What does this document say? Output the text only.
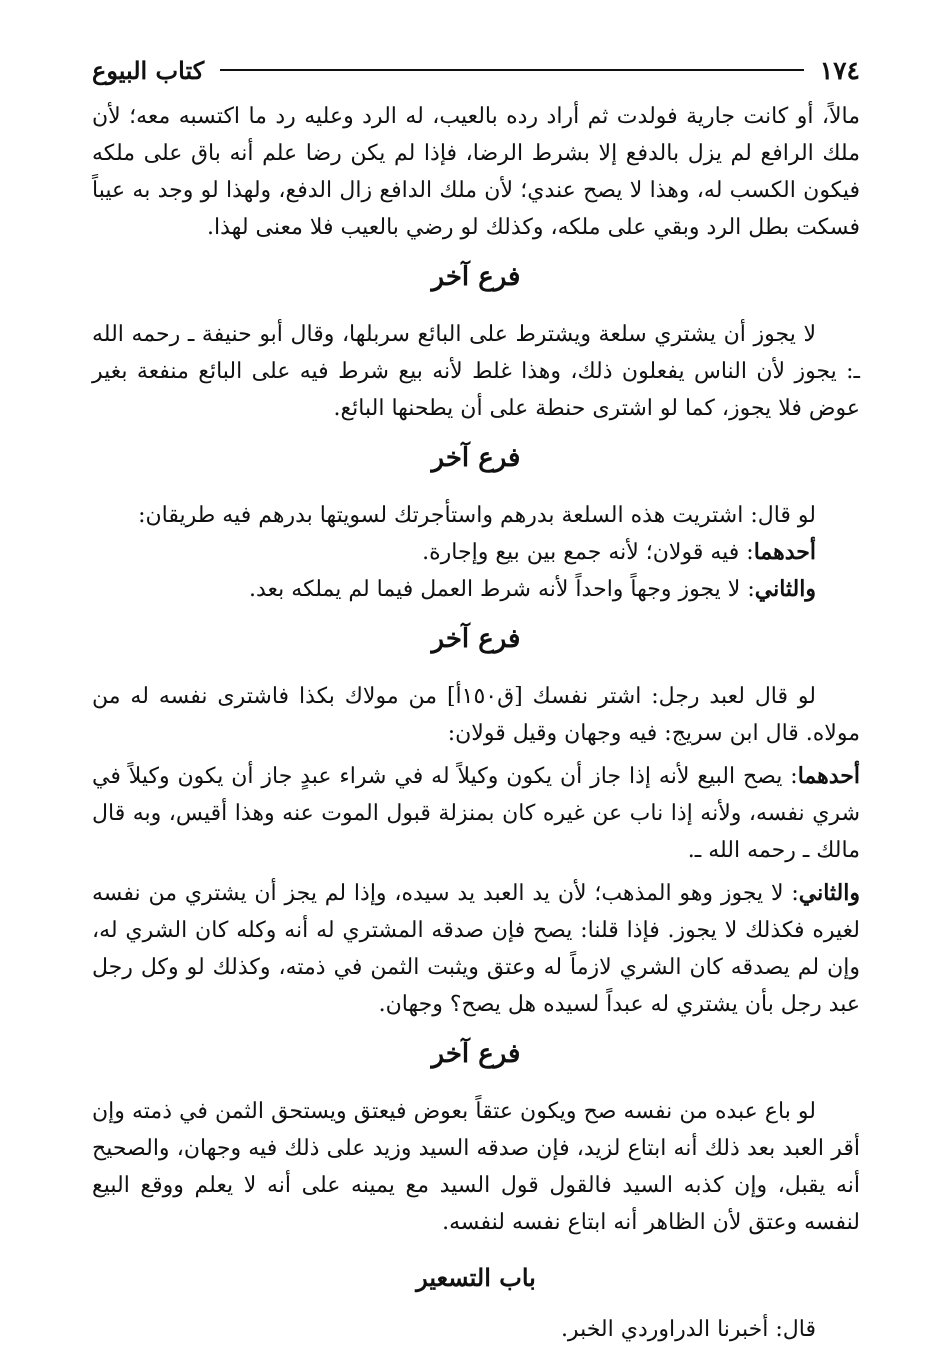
١٧٤
كتاب البيوع

مالاً، أو كانت جارية فولدت ثم أراد رده بالعيب، له الرد وعليه رد ما اكتسبه معه؛ لأن ملك الرافع لم يزل بالدفع إلا بشرط الرضا، فإذا لم يكن رضا علم أنه باق على ملكه فيكون الكسب له، وهذا لا يصح عندي؛ لأن ملك الدافع زال الدفع، ولهذا لو وجد به عيباً فسكت بطل الرد وبقي على ملكه، وكذلك لو رضي بالعيب فلا معنى لهذا.

فرع آخر

لا يجوز أن يشتري سلعة ويشترط على البائع سربلها، وقال أبو حنيفة ـ رحمه الله ـ: يجوز لأن الناس يفعلون ذلك، وهذا غلط لأنه بيع شرط فيه على البائع منفعة بغير عوض فلا يجوز، كما لو اشترى حنطة على أن يطحنها البائع.

فرع آخر

لو قال: اشتريت هذه السلعة بدرهم واستأجرتك لسويتها بدرهم فيه طريقان:

أحدهما: فيه قولان؛ لأنه جمع بين بيع وإجارة.

والثاني: لا يجوز وجهاً واحداً لأنه شرط العمل فيما لم يملكه بعد.

فرع آخر

لو قال لعبد رجل: اشتر نفسك [ق١٥٠أ] من مولاك بكذا فاشترى نفسه له من مولاه. قال ابن سريج: فيه وجهان وقيل قولان:

أحدهما: يصح البيع لأنه إذا جاز أن يكون وكيلاً له في شراء عبدٍ جاز أن يكون وكيلاً في شري نفسه، ولأنه إذا ناب عن غيره كان بمنزلة قبول الموت عنه وهذا أقيس، وبه قال مالك ـ رحمه الله ـ.

والثاني: لا يجوز وهو المذهب؛ لأن يد العبد يد سيده، وإذا لم يجز أن يشتري من نفسه لغيره فكذلك لا يجوز. فإذا قلنا: يصح فإن صدقه المشتري له أنه وكله كان الشري له، وإن لم يصدقه كان الشري لازماً له وعتق ويثبت الثمن في ذمته، وكذلك لو وكل رجل عبد رجل بأن يشتري له عبداً لسيده هل يصح؟ وجهان.

فرع آخر

لو باع عبده من نفسه صح ويكون عتقاً بعوض فيعتق ويستحق الثمن في ذمته وإن أقر العبد بعد ذلك أنه ابتاع لزيد، فإن صدقه السيد وزيد على ذلك فيه وجهان، والصحيح أنه يقبل، وإن كذبه السيد فالقول قول السيد مع يمينه على أنه لا يعلم ووقع البيع لنفسه وعتق لأن الظاهر أنه ابتاع نفسه لنفسه.

باب التسعير

قال: أخبرنا الدراوردي الخبر.
